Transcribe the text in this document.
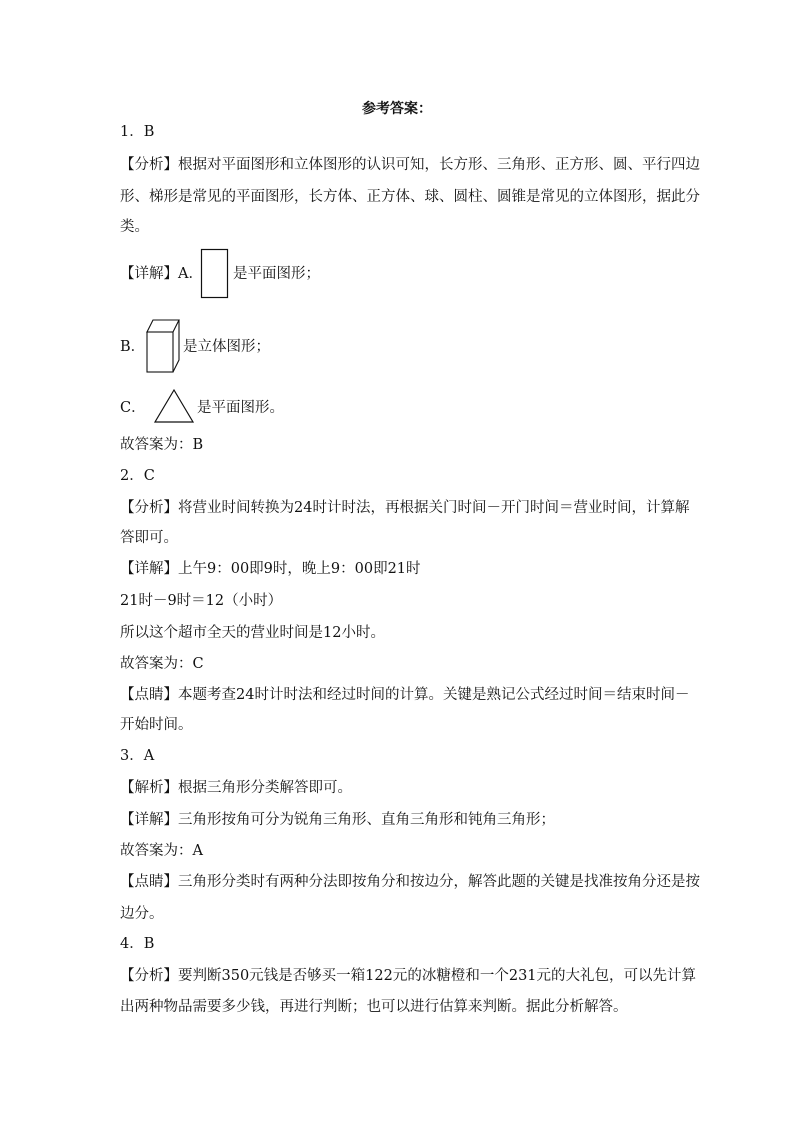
参考答案：
1．B
【分析】根据对平面图形和立体图形的认识可知，长方形、三角形、正方形、圆、平行四边
形、梯形是常见的平面图形，长方体、正方体、球、圆柱、圆锥是常见的立体图形，据此分
类。
【详解】A． 是平面图形；
B．	是立体图形；
C．	是平面图形。
故答案为：B
2．C
【分析】将营业时间转换为24时计时法，再根据关门时间－开门时间＝营业时间，计算解
答即可。
【详解】上午9：00即9时，晚上9：00即21时
21时－9时＝12（小时）
所以这个超市全天的营业时间是12小时。
故答案为：C
【点睛】本题考查24时计时法和经过时间的计算。关键是熟记公式经过时间＝结束时间－
开始时间。
3．A
【解析】根据三角形分类解答即可。
【详解】三角形按角可分为锐角三角形、直角三角形和钝角三角形；
故答案为：A
【点睛】三角形分类时有两种分法即按角分和按边分，解答此题的关键是找准按角分还是按
边分。
4．B
【分析】要判断350元钱是否够买一箱122元的冰糖橙和一个231元的大礼包，可以先计算
出两种物品需要多少钱，再进行判断；也可以进行估算来判断。据此分析解答。
